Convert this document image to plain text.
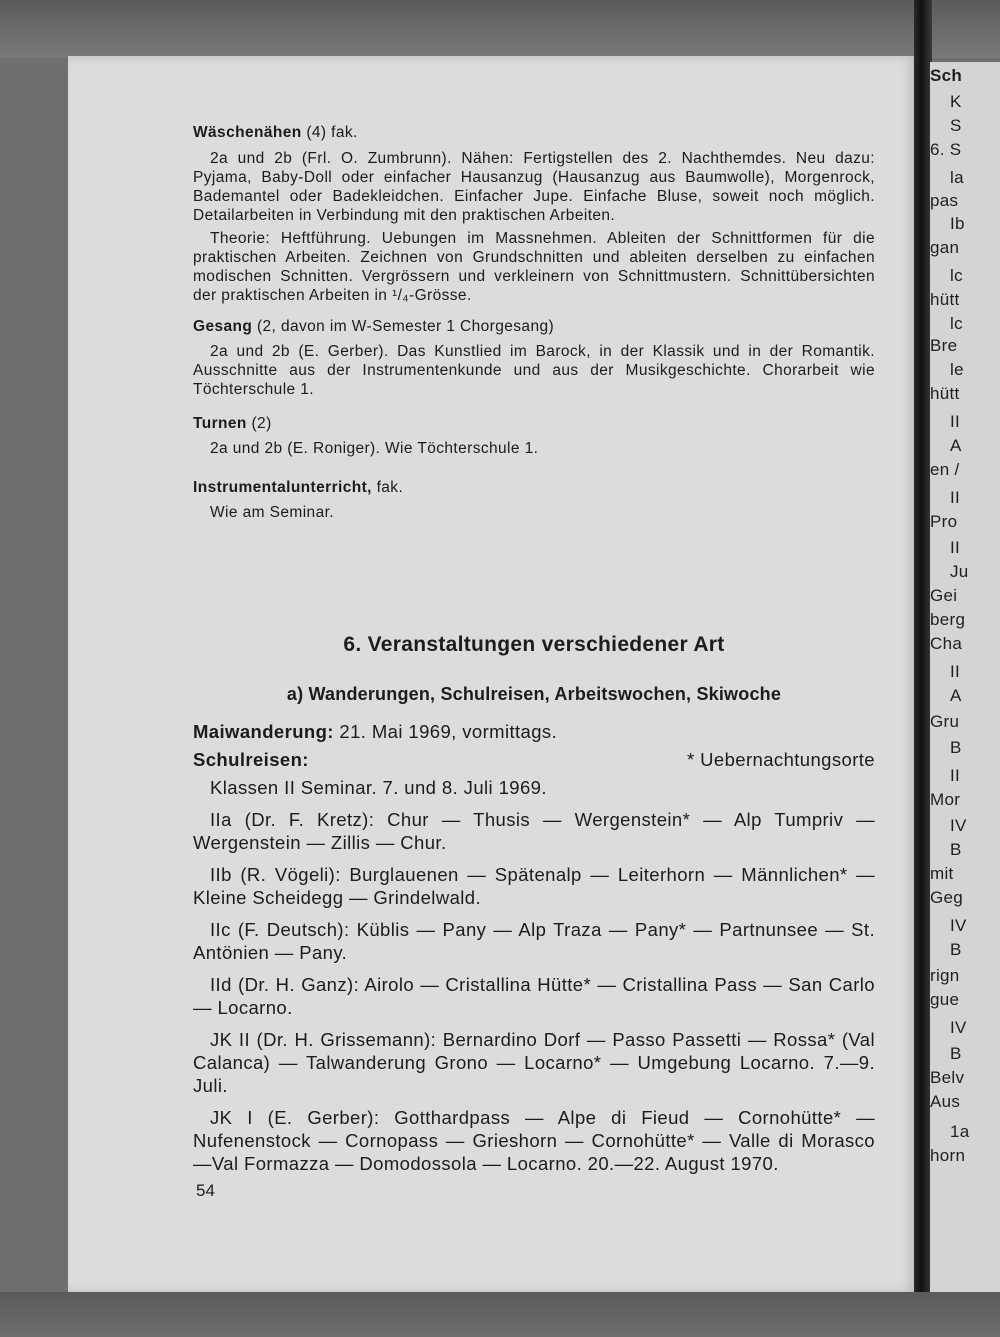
Wäschenähen (4) fak.

2a und 2b (Frl. O. Zumbrunn). Nähen: Fertigstellen des 2. Nachthemdes. Neu dazu: Pyjama, Baby-Doll oder einfacher Hausanzug (Hausanzug aus Baumwolle), Morgenrock, Bademantel oder Badekleidchen. Einfacher Jupe. Einfache Bluse, soweit noch möglich. Detailarbeiten in Verbindung mit den praktischen Arbeiten.

Theorie: Heftführung. Uebungen im Massnehmen. Ableiten der Schnittformen für die praktischen Arbeiten. Zeichnen von Grundschnitten und ableiten derselben zu einfachen modischen Schnitten. Vergrössern und verkleinern von Schnittmustern. Schnittübersichten der praktischen Arbeiten in ¹/₄-Grösse.

Gesang (2, davon im W-Semester 1 Chorgesang)

2a und 2b (E. Gerber). Das Kunstlied im Barock, in der Klassik und in der Romantik. Ausschnitte aus der Instrumentenkunde und aus der Musikgeschichte. Chorarbeit wie Töchterschule 1.

Turnen (2)

2a und 2b (E. Roniger). Wie Töchterschule 1.

Instrumentalunterricht, fak.

Wie am Seminar.

6. Veranstaltungen verschiedener Art
a) Wanderungen, Schulreisen, Arbeitswochen, Skiwoche
Maiwanderung: 21. Mai 1969, vormittags.
Schulreisen:	* Uebernachtungsorte

Klassen II Seminar. 7. und 8. Juli 1969.

IIa (Dr. F. Kretz): Chur — Thusis — Wergenstein* — Alp Tumpriv —Wergenstein — Zillis — Chur.

IIb (R. Vögeli): Burglauenen — Spätenalp — Leiterhorn — Männlichen* — Kleine Scheidegg — Grindelwald.

IIc (F. Deutsch): Küblis — Pany — Alp Traza — Pany* — Partnunsee — St. Antönien — Pany.

IId (Dr. H. Ganz): Airolo — Cristallina Hütte* — Cristallina Pass — San Carlo — Locarno.

JK II (Dr. H. Grissemann): Bernardino Dorf — Passo Passetti — Rossa* (Val Calanca) — Talwanderung Grono — Locarno* — Umgebung Locarno. 7.—9. Juli.

JK I (E. Gerber): Gotthardpass — Alpe di Fieud — Cornohütte* — Nufenenstock — Cornopass — Grieshorn — Cornohütte* — Valle di Morasco —Val Formazza — Domodossola — Locarno. 20.—22. August 1970.

54
Sch
K
S
6. S
la
pas
Ib
gan
lc
hütt
lc
Bre
le
hütt
II
A
en /
II
Pro
II
Ju
Gei
berg
Cha
II
A
Gru
B
II
Mor
IV
B
mit
Geg
IV
B
rign
gue
IV
B
Belv
Aus
1a
horn
